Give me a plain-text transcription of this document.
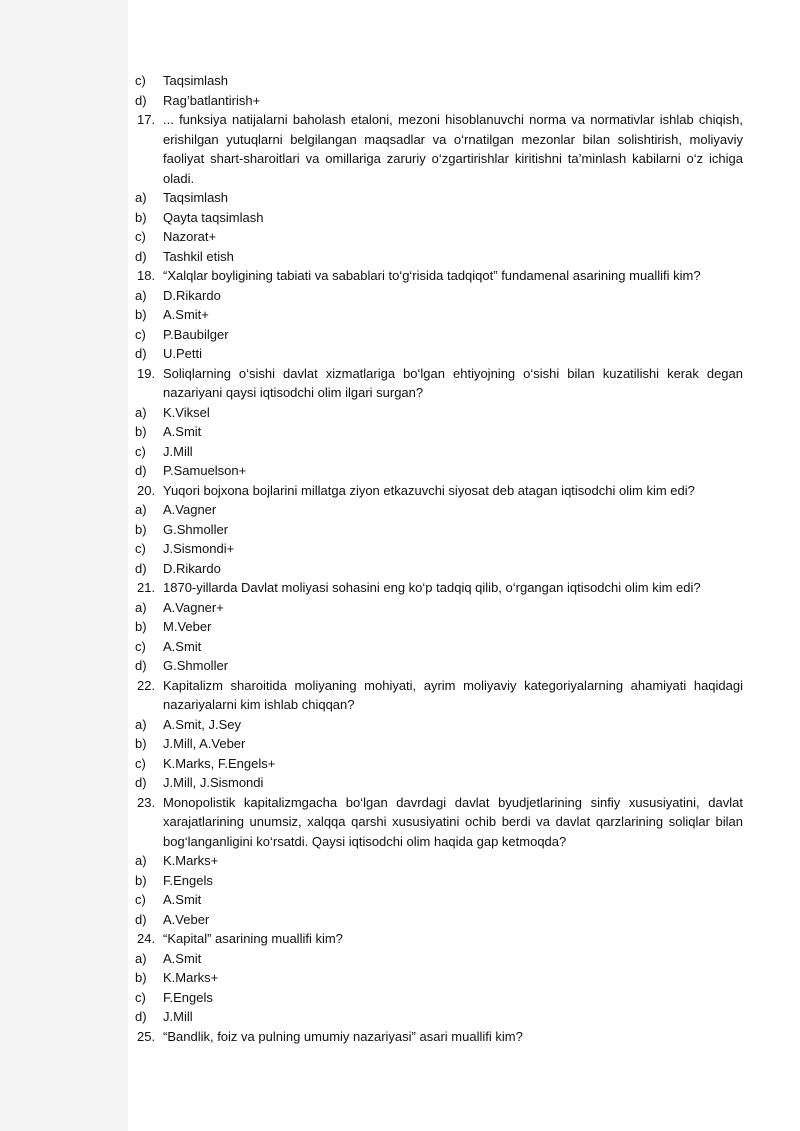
c) Taqsimlash
d) Rag’batlantirish+
17. ... funksiya natijalarni baholash etaloni, mezoni hisoblanuvchi norma va normativlar ishlab chiqish, erishilgan yutuqlarni belgilangan maqsadlar va o‘rnatilgan mezonlar bilan solishtirish, moliyaviy faoliyat shart-sharoitlari va omillariga zaruriy o‘zgartirishlar kiritishni ta’minlash kabilarni o‘z ichiga oladi.
a) Taqsimlash
b) Qayta taqsimlash
c) Nazorat+
d) Tashkil etish
18. “Xalqlar boyligining tabiati va sabablari to‘g‘risida tadqiqot” fundamenal asarining muallifi kim?
a) D.Rikardo
b) A.Smit+
c) P.Baubilger
d) U.Petti
19. Soliqlarning o‘sishi davlat xizmatlariga bo‘lgan ehtiyojning o‘sishi bilan kuzatilishi kerak degan nazariyani qaysi iqtisodchi olim ilgari surgan?
a) K.Viksel
b) A.Smit
c) J.Mill
d) P.Samuelson+
20. Yuqori bojxona bojlarini millatga ziyon etkazuvchi siyosat deb atagan iqtisodchi olim kim edi?
a) A.Vagner
b) G.Shmoller
c) J.Sismondi+
d) D.Rikardo
21. 1870-yillarda Davlat moliyasi sohasini eng ko‘p tadqiq qilib, o‘rgangan iqtisodchi olim kim edi?
a) A.Vagner+
b) M.Veber
c) A.Smit
d) G.Shmoller
22. Kapitalizm sharoitida moliyaning mohiyati, ayrim moliyaviy kategoriyalarning ahamiyati haqidagi nazariyalarni kim ishlab chiqqan?
a) A.Smit, J.Sey
b) J.Mill, A.Veber
c) K.Marks, F.Engels+
d) J.Mill, J.Sismondi
23. Monopolistik kapitalizmgacha bo‘lgan davrdagi davlat byudjetlarining sinfiy xususiyatini, davlat xarajatlarining unumsiz, xalqqa qarshi xususiyatini ochib berdi va davlat qarzlarining soliqlar bilan bog‘langanligini ko‘rsatdi. Qaysi iqtisodchi olim haqida gap ketmoqda?
a) K.Marks+
b) F.Engels
c) A.Smit
d) A.Veber
24. “Kapital” asarining muallifi kim?
a) A.Smit
b) K.Marks+
c) F.Engels
d) J.Mill
25. “Bandlik, foiz va pulning umumiy nazariyasi” asari muallifi kim?
